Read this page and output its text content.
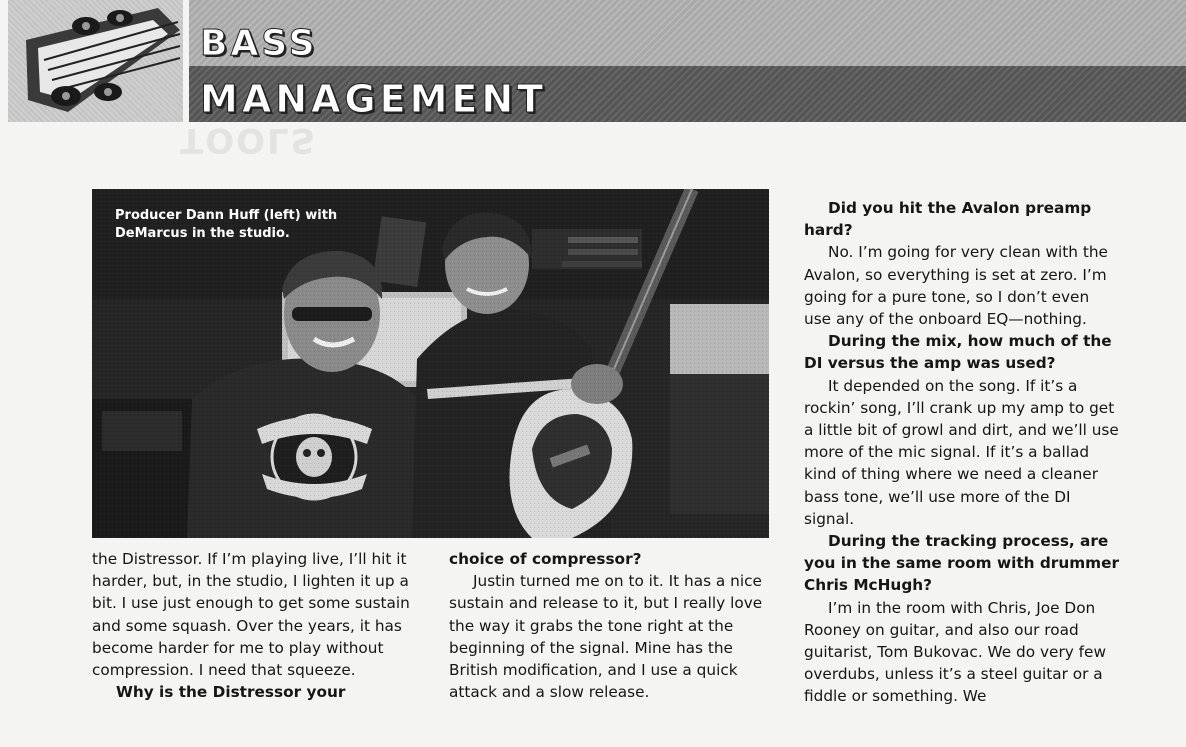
BASS
MANAGEMENT
TOOLS
Producer Dann Huff (left) with DeMarcus in the studio.

the Distressor. If I’m playing live, I’ll hit it harder, but, in the studio, I lighten it up a bit. I use just enough to get some sustain and some squash. Over the years, it has become harder for me to play without compression. I need that squeeze.

Why is the Distressor your

choice of compressor?

Justin turned me on to it. It has a nice sustain and release to it, but I really love the way it grabs the tone right at the beginning of the signal. Mine has the British modification, and I use a quick attack and a slow release.

Did you hit the Avalon preamp hard?

No. I’m going for very clean with the Avalon, so everything is set at zero. I’m going for a pure tone, so I don’t even use any of the onboard EQ—nothing.

During the mix, how much of the DI versus the amp was used?

It depended on the song. If it’s a rockin’ song, I’ll crank up my amp to get a little bit of growl and dirt, and we’ll use more of the mic signal. If it’s a ballad kind of thing where we need a cleaner bass tone, we’ll use more of the DI signal.

During the tracking process, are you in the same room with drummer Chris McHugh?

I’m in the room with Chris, Joe Don Rooney on guitar, and also our road guitarist, Tom Bukovac. We do very few overdubs, unless it’s a steel guitar or a fiddle or something. We
